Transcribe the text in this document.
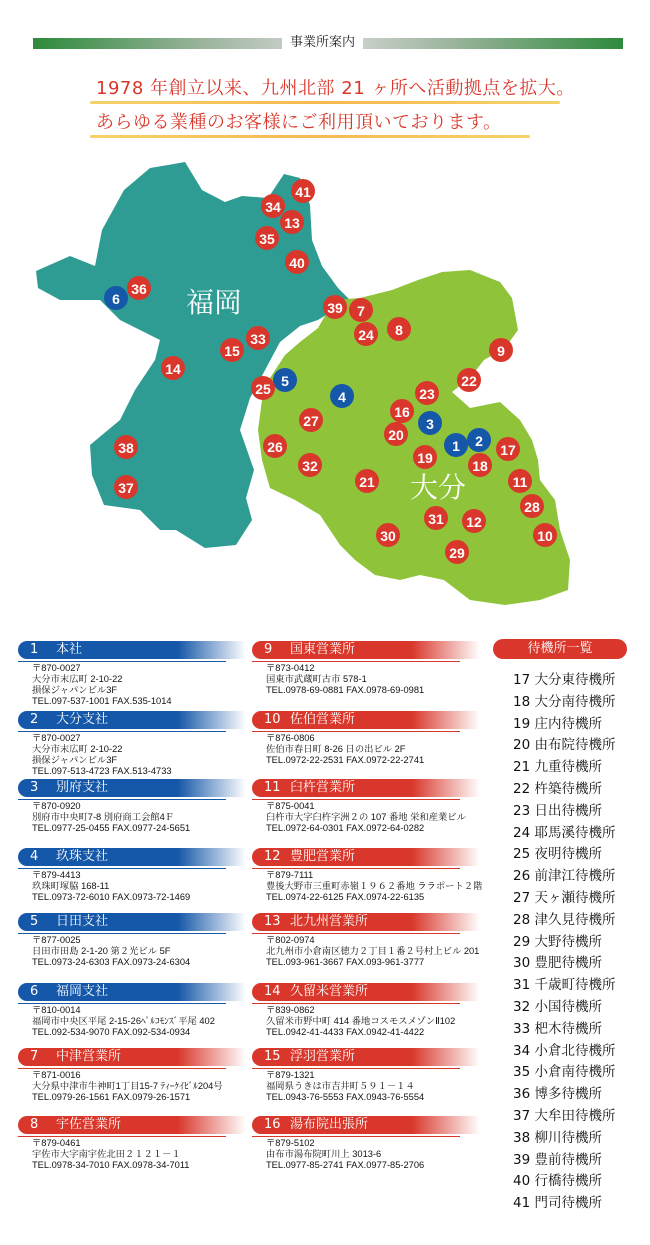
事業所案内
1978 年創立以来、九州北部 21 ヶ所へ活動拠点を拡大。
あらゆる業種のお客様にご利用頂いております。
福岡
大分
1 2
3
4
5
6
7
8
9
10
11
12
13
14
15
16
17
18
19
20
21
22
23
24
25
26
27
28
29
30
31
32
33
34
35
36
37
38
39
40
41
1 本社
〒870-0027
大分市末広町 2-10-22
損保ジャパンビル3F
TEL.097-537-1001 FAX.535-1014
2 大分支社
〒870-0027
大分市末広町 2-10-22
損保ジャパンビル3F
TEL.097-513-4723 FAX.513-4733
3 別府支社
〒870-0920
別府市中央町7-8 別府商工会館4Ｆ
TEL.0977-25-0455 FAX.0977-24-5651
4 玖珠支社
〒879-4413
玖珠町塚脇 168-11
TEL.0973-72-6010 FAX.0973-72-1469
5 日田支社
〒877-0025
日田市田島 2-1-20 第２光ビル 5F
TEL.0973-24-6303 FAX.0973-24-6304
6 福岡支社
〒810-0014
福岡市中央区平尾 2-15-26ﾍﾟﾙｺﾓﾝｽﾞ平尾 402
TEL.092-534-9070 FAX.092-534-0934
7 中津営業所
〒871-0016
大分県中津市牛神町1丁目15-7 ﾃｨｰｹｲﾋﾞﾙ204号
TEL.0979-26-1561 FAX.0979-26-1571
8 宇佐営業所
〒879-0461
宇佐市大字南宇佐北田２１２１－１
TEL.0978-34-7010 FAX.0978-34-7011
9 国東営業所
〒873-0412
国東市武蔵町古市 578-1
TEL.0978-69-0881 FAX.0978-69-0981
10 佐伯営業所
〒876-0806
佐伯市春日町 8-26 日の出ビル 2F
TEL.0972-22-2531 FAX.0972-22-2741
11 臼杵営業所
〒875-0041
臼杵市大字臼杵字洲２の 107 番地 栄和産業ビル
TEL.0972-64-0301 FAX.0972-64-0282
12 豊肥営業所
〒879-7111
豊後大野市三重町赤嶺１９６２番地 ララポート２階
TEL.0974-22-6125 FAX.0974-22-6135
13 北九州営業所
〒802-0974
北九州市小倉南区徳力２丁目１番２号村上ビル 201
TEL.093-961-3667 FAX.093-961-3777
14 久留米営業所
〒839-0862
久留米市野中町 414 番地コスモスメゾンⅡ102
TEL.0942-41-4433 FAX.0942-41-4422
15 浮羽営業所
〒879-1321
福岡県うきは市吉井町５９１－１４
TEL.0943-76-5553 FAX.0943-76-5554
16 湯布院出張所
〒879-5102
由布市湯布院町川上 3013-6
TEL.0977-85-2741 FAX.0977-85-2706
待機所一覧
17 大分東待機所
18 大分南待機所
19 庄内待機所
20 由布院待機所
21 九重待機所
22 杵築待機所
23 日出待機所
24 耶馬溪待機所
25 夜明待機所
26 前津江待機所
27 天ヶ瀬待機所
28 津久見待機所
29 大野待機所
30 豊肥待機所
31 千歳町待機所
32 小国待機所
33 杷木待機所
34 小倉北待機所
35 小倉南待機所
36 博多待機所
37 大牟田待機所
38 柳川待機所
39 豊前待機所
40 行橋待機所
41 門司待機所
